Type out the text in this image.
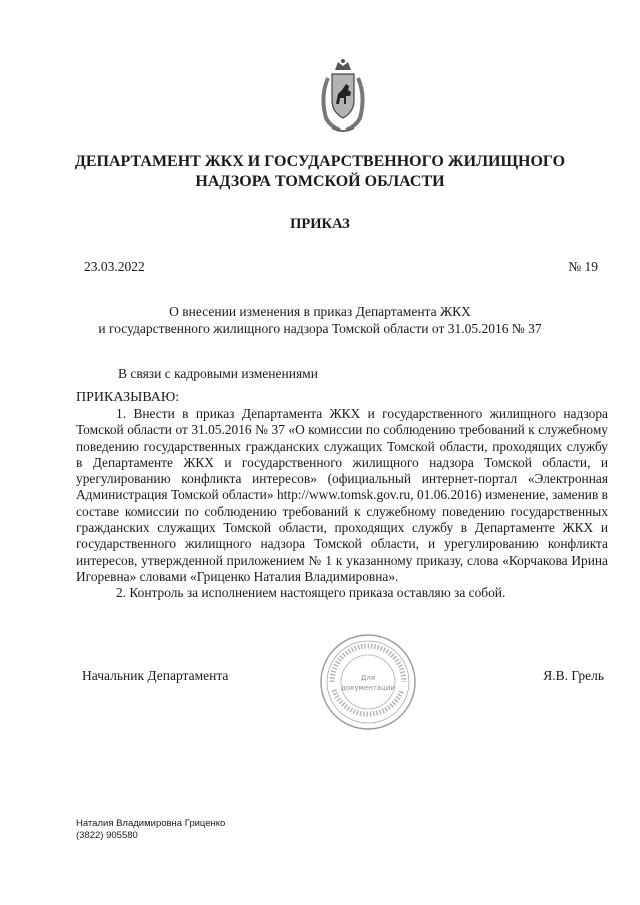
ДЕПАРТАМЕНТ ЖКХ И ГОСУДАРСТВЕННОГО ЖИЛИЩНОГО
НАДЗОРА ТОМСКОЙ ОБЛАСТИ
ПРИКАЗ
23.03.2022	№ 19
О внесении изменения в приказ Департамента ЖКХ
и государственного жилищного надзора Томской области от 31.05.2016 № 37
В связи с кадровыми изменениями
ПРИКАЗЫВАЮ:

1. Внести в приказ Департамента ЖКХ и государственного жилищного надзора Томской области от 31.05.2016 № 37 «О комиссии по соблюдению требований к служебному поведению государственных гражданских служащих Томской области, проходящих службу в Департаменте ЖКХ и государственного жилищного надзора Томской области, и урегулированию конфликта интересов» (официальный интернет-портал «Электронная Администрация Томской области» http://www.tomsk.gov.ru, 01.06.2016) изменение, заменив в составе комиссии по соблюдению требований к служебному поведению государственных гражданских служащих Томской области, проходящих службу в Департаменте ЖКХ и государственного жилищного надзора Томской области, и урегулированию конфликта интересов, утвержденной приложением № 1 к указанному приказу, слова «Корчакова Ирина Игоревна» словами «Гриценко Наталия Владимировна».

2. Контроль за исполнением настоящего приказа оставляю за собой.

Начальник Департамента	Для
документации
Я.В. Грель
Наталия Владимировна Гриценко
(3822) 905580
